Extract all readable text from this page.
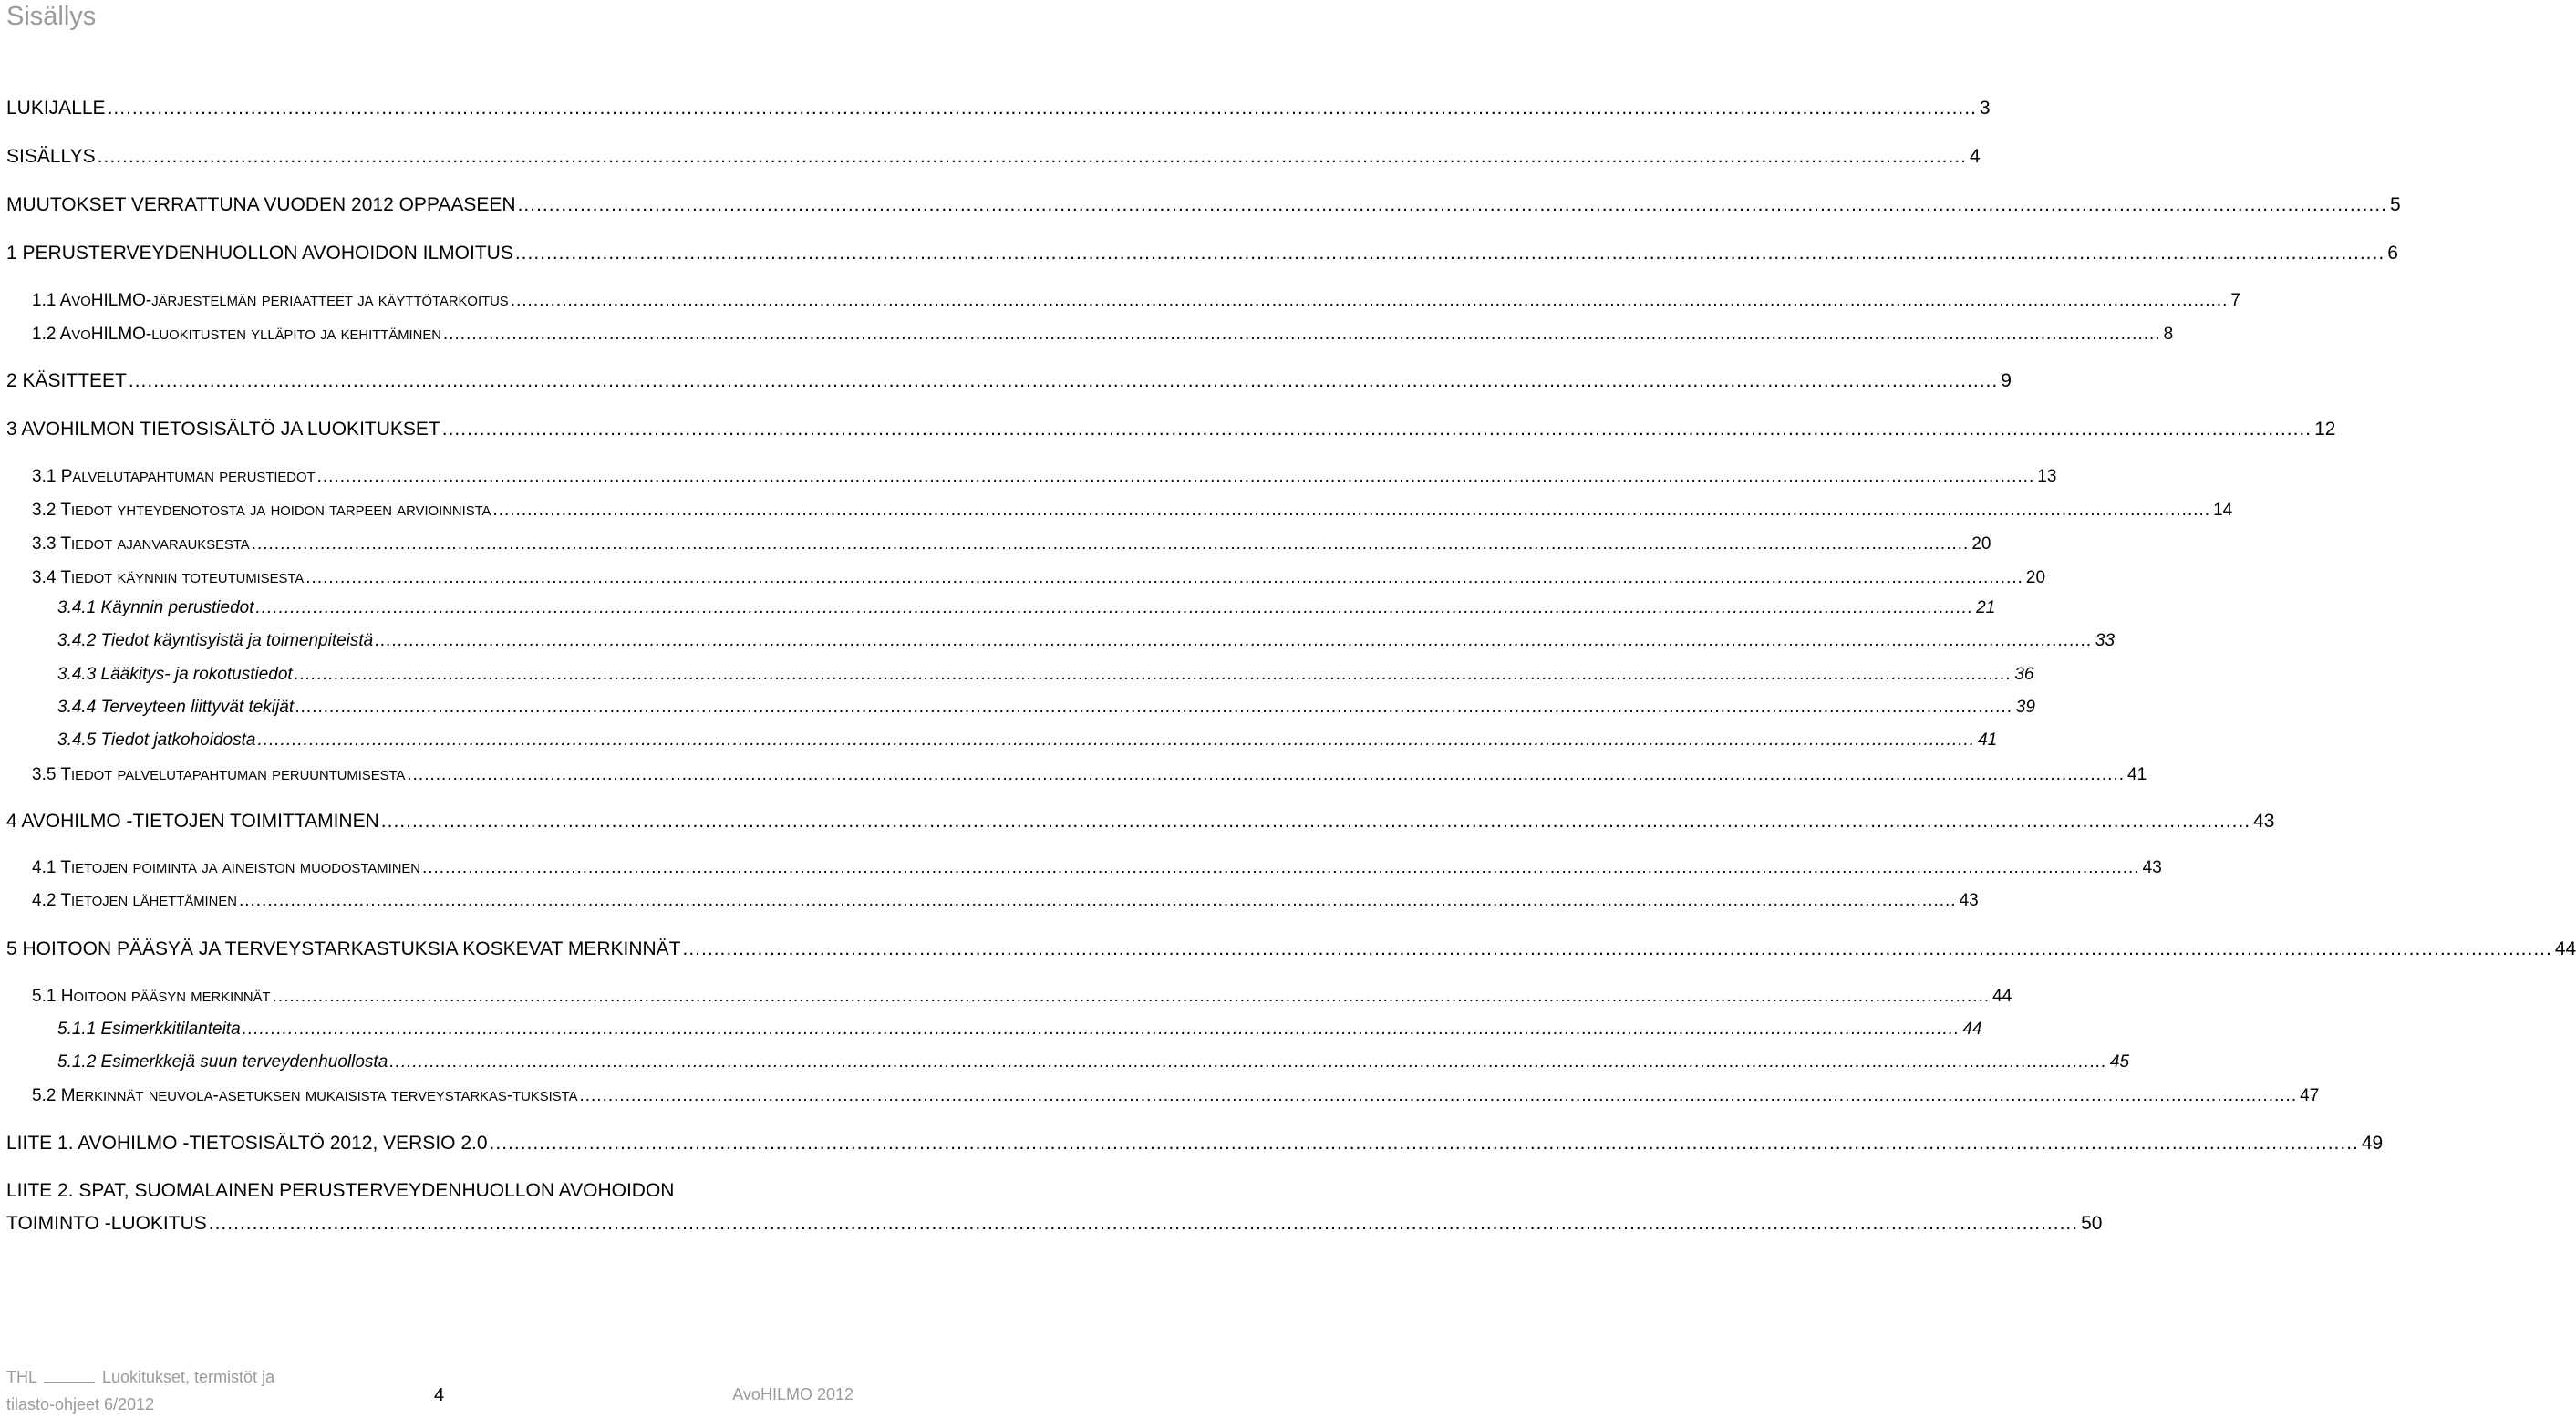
Sisällys
LUKIJALLE ............................................................................................................................................................................................................................................................................................................ 3
SISÄLLYS ............................................................................................................................................................................................................................................................................................................ 4
MUUTOKSET VERRATTUNA VUODEN 2012 OPPAASEEN ............................................................................................................................................................................................................................................................................................................ 5
1 PERUSTERVEYDENHUOLLON AVOHOIDON ILMOITUS ............................................................................................................................................................................................................................................................................................................ 6
1.1 AVOHILMO-JÄRJESTELMÄN PERIAATTEET JA KÄYTTÖTARKOITUS ............................................................................................................................................................................................................................................................................................................ 7
1.2 AVOHILMO-LUOKITUSTEN YLLÄPITO JA KEHITTÄMINEN ............................................................................................................................................................................................................................................................................................................ 8
2 KÄSITTEET ............................................................................................................................................................................................................................................................................................................ 9
3 AVOHILMON TIETOSISÄLTÖ JA LUOKITUKSET ............................................................................................................................................................................................................................................................................................................ 12
3.1 PALVELUTAPAHTUMAN PERUSTIEDOT ............................................................................................................................................................................................................................................................................................................ 13
3.2 TIEDOT YHTEYDENOTOSTA JA HOIDON TARPEEN ARVIOINNISTA ............................................................................................................................................................................................................................................................................................................ 14
3.3 TIEDOT AJANVARAUKSESTA ............................................................................................................................................................................................................................................................................................................ 20
3.4 TIEDOT KÄYNNIN TOTEUTUMISESTA ............................................................................................................................................................................................................................................................................................................ 20
3.4.1 Käynnin perustiedot ............................................................................................................................................................................................................................................................................................................ 21
3.4.2 Tiedot käyntisyistä ja toimenpiteistä ............................................................................................................................................................................................................................................................................................................ 33
3.4.3 Lääkitys- ja rokotustiedot ............................................................................................................................................................................................................................................................................................................ 36
3.4.4 Terveyteen liittyvät tekijät ............................................................................................................................................................................................................................................................................................................ 39
3.4.5 Tiedot jatkohoidosta ............................................................................................................................................................................................................................................................................................................ 41
3.5 TIEDOT PALVELUTAPAHTUMAN PERUUNTUMISESTA ............................................................................................................................................................................................................................................................................................................ 41
4 AVOHILMO -TIETOJEN TOIMITTAMINEN ............................................................................................................................................................................................................................................................................................................ 43
4.1 TIETOJEN POIMINTA JA AINEISTON MUODOSTAMINEN ............................................................................................................................................................................................................................................................................................................ 43
4.2 TIETOJEN LÄHETTÄMINEN ............................................................................................................................................................................................................................................................................................................ 43
5 HOITOON PÄÄSYÄ JA TERVEYSTARKASTUKSIA KOSKEVAT MERKINNÄT ............................................................................................................................................................................................................................................................................................................ 44
5.1 HOITOON PÄÄSYN MERKINNÄT ............................................................................................................................................................................................................................................................................................................ 44
5.1.1 Esimerkkitilanteita ............................................................................................................................................................................................................................................................................................................ 44
5.1.2 Esimerkkejä suun terveydenhuollosta ............................................................................................................................................................................................................................................................................................................ 45
5.2 MERKINNÄT NEUVOLA-ASETUKSEN MUKAISISTA TERVEYSTARKAS-TUKSISTA ............................................................................................................................................................................................................................................................................................................ 47
LIITE 1. AVOHILMO -TIETOSISÄLTÖ 2012, VERSIO 2.0 ............................................................................................................................................................................................................................................................................................................ 49
LIITE 2. SPAT, SUOMALAINEN PERUSTERVEYDENHUOLLON AVOHOIDON
TOIMINTO -LUOKITUS ............................................................................................................................................................................................................................................................................................................ 50
THL	Luokitukset, termistöt ja
tilasto-ohjeet 6/2012	4	AvoHILMO 2012
